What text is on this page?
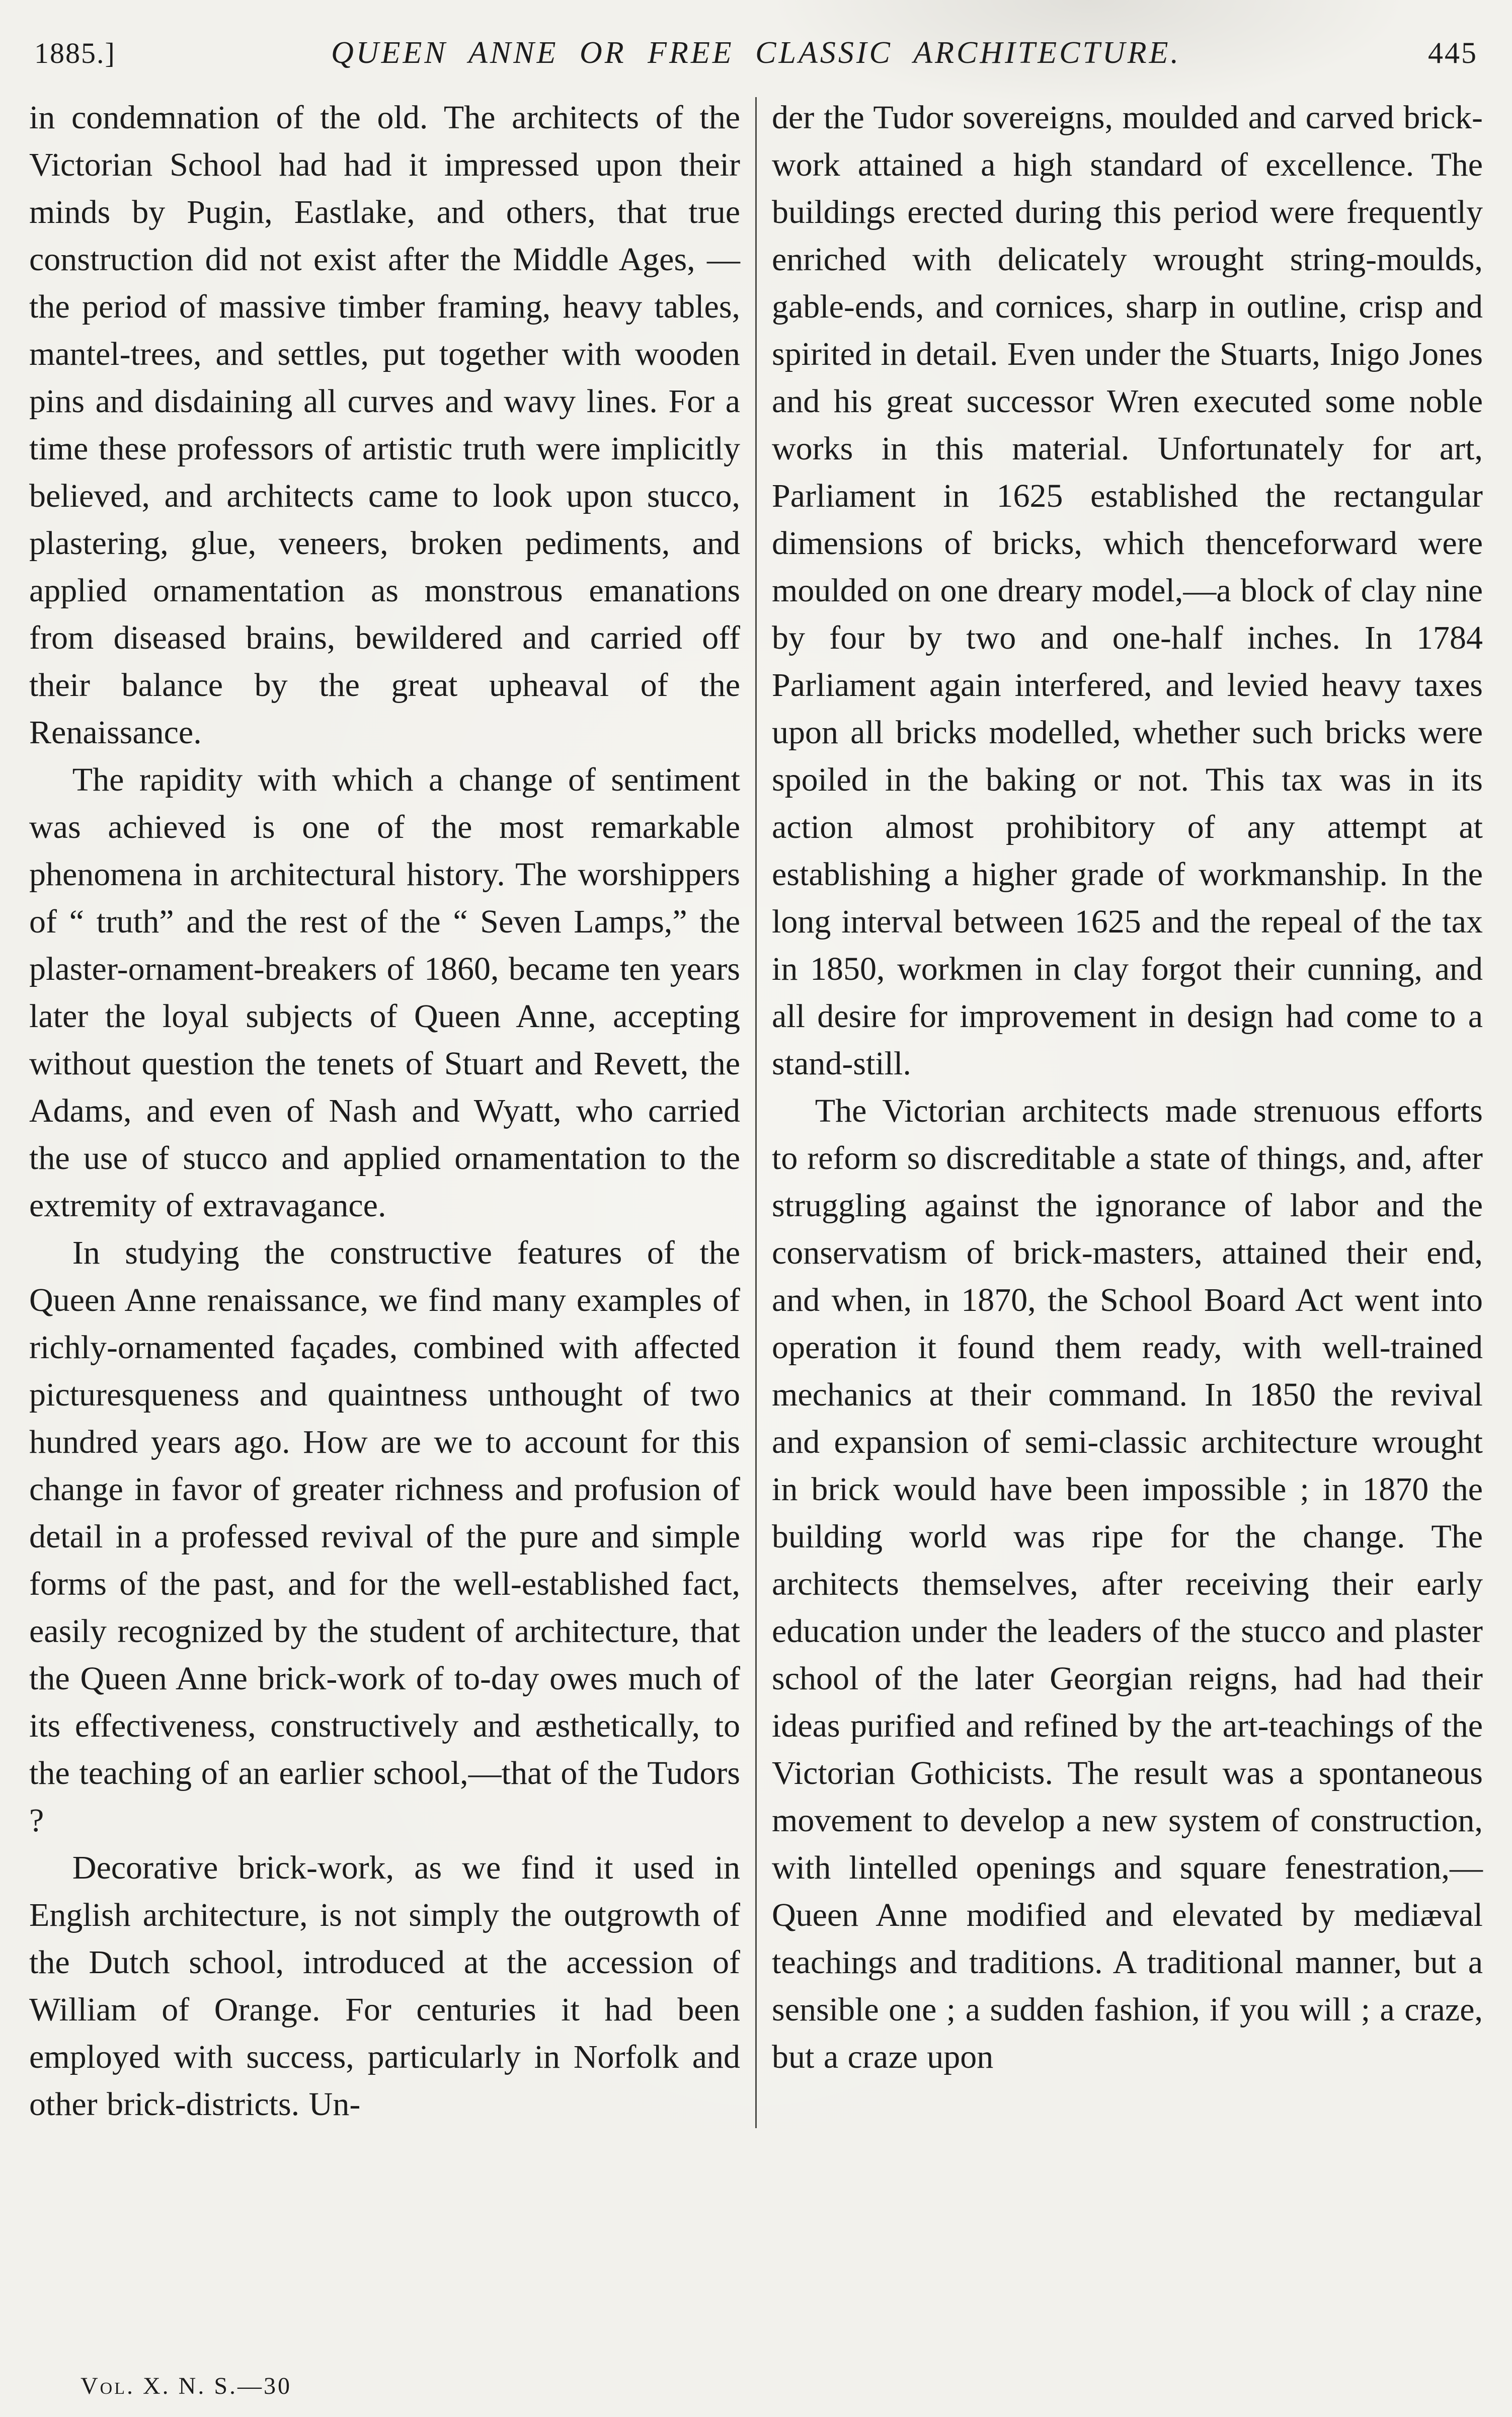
1885.]	QUEEN ANNE OR FREE CLASSIC ARCHITECTURE.	445

in condemnation of the old. The architects of the Victorian School had had it impressed upon their minds by Pugin, Eastlake, and others, that true construction did not exist after the Middle Ages, — the period of massive timber framing, heavy tables, mantel-trees, and settles, put together with wooden pins and disdaining all curves and wavy lines. For a time these professors of artistic truth were implicitly believed, and architects came to look upon stucco, plastering, glue, veneers, broken pediments, and applied ornamentation as monstrous emanations from diseased brains, bewildered and carried off their balance by the great upheaval of the Renaissance.

The rapidity with which a change of sentiment was achieved is one of the most remarkable phenomena in architectural history. The worshippers of “ truth” and the rest of the “ Seven Lamps,” the plaster-ornament-breakers of 1860, became ten years later the loyal subjects of Queen Anne, accepting without question the tenets of Stuart and Revett, the Adams, and even of Nash and Wyatt, who carried the use of stucco and applied ornamentation to the extremity of extravagance.

In studying the constructive features of the Queen Anne renaissance, we find many examples of richly-ornamented façades, combined with affected picturesqueness and quaintness unthought of two hundred years ago. How are we to account for this change in favor of greater richness and profusion of detail in a professed revival of the pure and simple forms of the past, and for the well-established fact, easily recognized by the student of architecture, that the Queen Anne brick-work of to-day owes much of its effectiveness, constructively and æsthetically, to the teaching of an earlier school,—that of the Tudors ?

Decorative brick-work, as we find it used in English architecture, is not simply the outgrowth of the Dutch school, introduced at the accession of William of Orange. For centuries it had been employed with success, particularly in Norfolk and other brick-districts. Un-

der the Tudor sovereigns, moulded and carved brick-work attained a high standard of excellence. The buildings erected during this period were frequently enriched with delicately wrought string-moulds, gable-ends, and cornices, sharp in outline, crisp and spirited in detail. Even under the Stuarts, Inigo Jones and his great successor Wren executed some noble works in this material. Unfortunately for art, Parliament in 1625 established the rectangular dimensions of bricks, which thenceforward were moulded on one dreary model,—a block of clay nine by four by two and one-half inches. In 1784 Parliament again interfered, and levied heavy taxes upon all bricks modelled, whether such bricks were spoiled in the baking or not. This tax was in its action almost prohibitory of any attempt at establishing a higher grade of workmanship. In the long interval between 1625 and the repeal of the tax in 1850, workmen in clay forgot their cunning, and all desire for improvement in design had come to a stand-still.

The Victorian architects made strenuous efforts to reform so discreditable a state of things, and, after struggling against the ignorance of labor and the conservatism of brick-masters, attained their end, and when, in 1870, the School Board Act went into operation it found them ready, with well-trained mechanics at their command. In 1850 the revival and expansion of semi-classic architecture wrought in brick would have been impossible ; in 1870 the building world was ripe for the change. The architects themselves, after receiving their early education under the leaders of the stucco and plaster school of the later Georgian reigns, had had their ideas purified and refined by the art-teachings of the Victorian Gothicists. The result was a spontaneous movement to develop a new system of construction, with lintelled openings and square fenestration,—Queen Anne modified and elevated by mediæval teachings and traditions. A traditional manner, but a sensible one ; a sudden fashion, if you will ; a craze, but a craze upon

Vol. X. N. S.—30
